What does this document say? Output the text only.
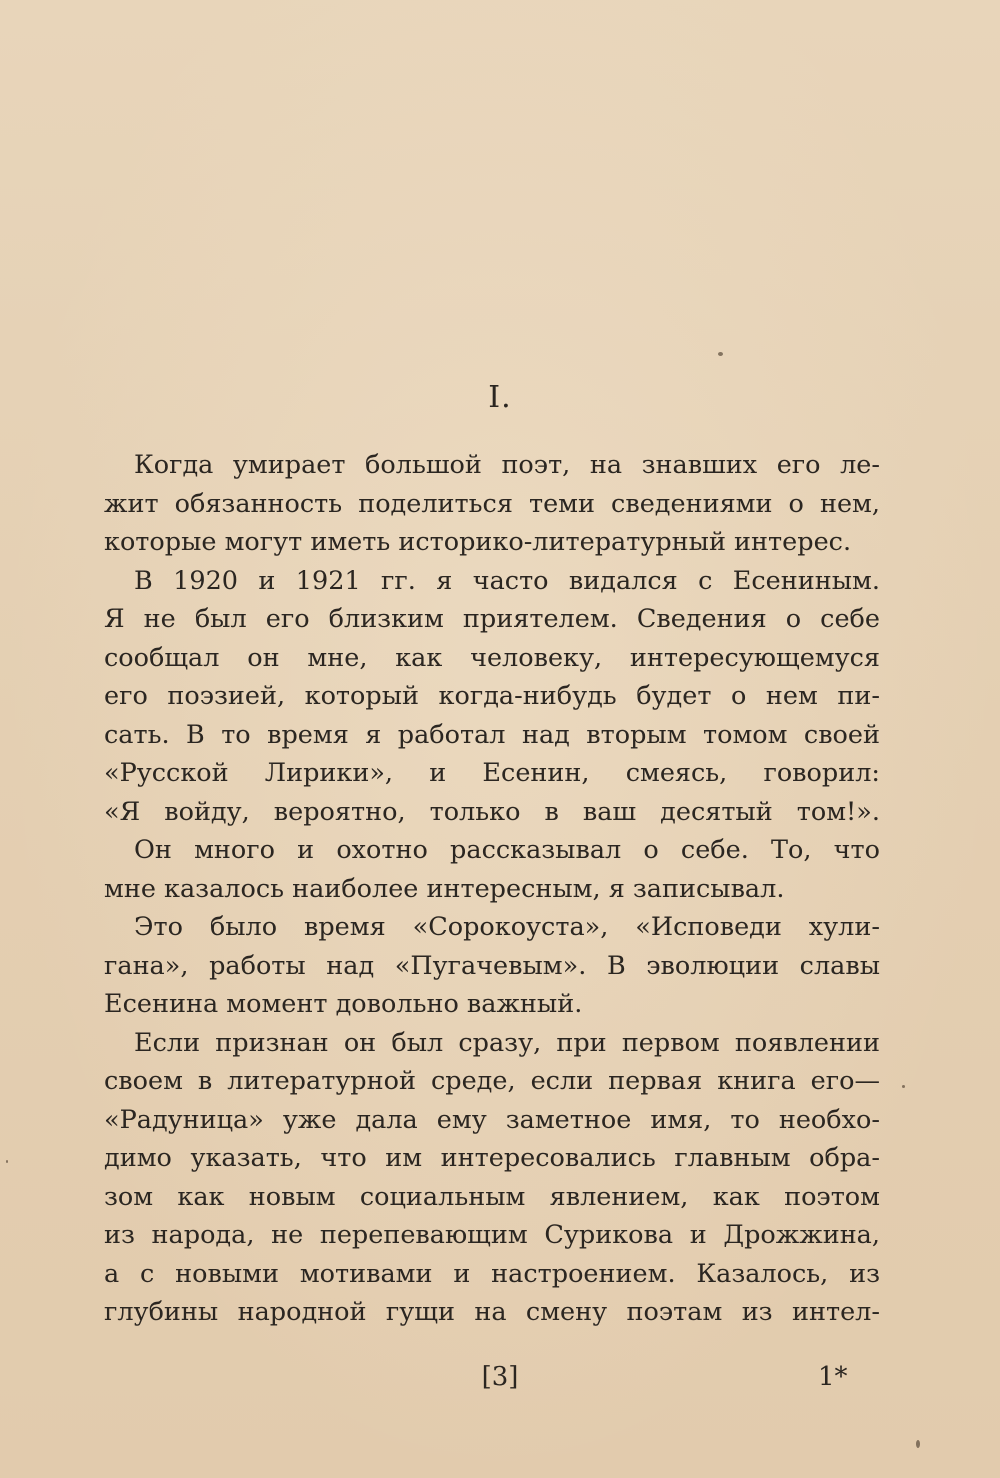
I.
Когда умирает большой поэт, на знавших его ле-
жит обязанность поделиться теми сведениями о нем,
которые могут иметь историко-литературный интерес.
В 1920 и 1921 гг. я часто видался с Есениным.
Я не был его близким приятелем. Сведения о себе
сообщал он мне, как человеку, интересующемуся
его поэзией, который когда-нибудь будет о нем пи-
сать. В то время я работал над вторым томом своей
«Русской Лирики», и Есенин, смеясь, говорил:
«Я войду, вероятно, только в ваш десятый том!».
Он много и охотно рассказывал о себе. То, что
мне казалось наиболее интересным, я записывал.
Это было время «Сорокоуста», «Исповеди хули-
гана», работы над «Пугачевым». В эволюции славы
Есенина момент довольно важный.
Если признан он был сразу, при первом появлении
своем в литературной среде, если первая книга его—
«Радуница» уже дала ему заметное имя, то необхо-
димо указать, что им интересовались главным обра-
зом как новым социальным явлением, как поэтом
из народа, не перепевающим Сурикова и Дрожжина,
а с новыми мотивами и настроением. Казалось, из
глубины народной гущи на смену поэтам из интел-
[3]	1*
